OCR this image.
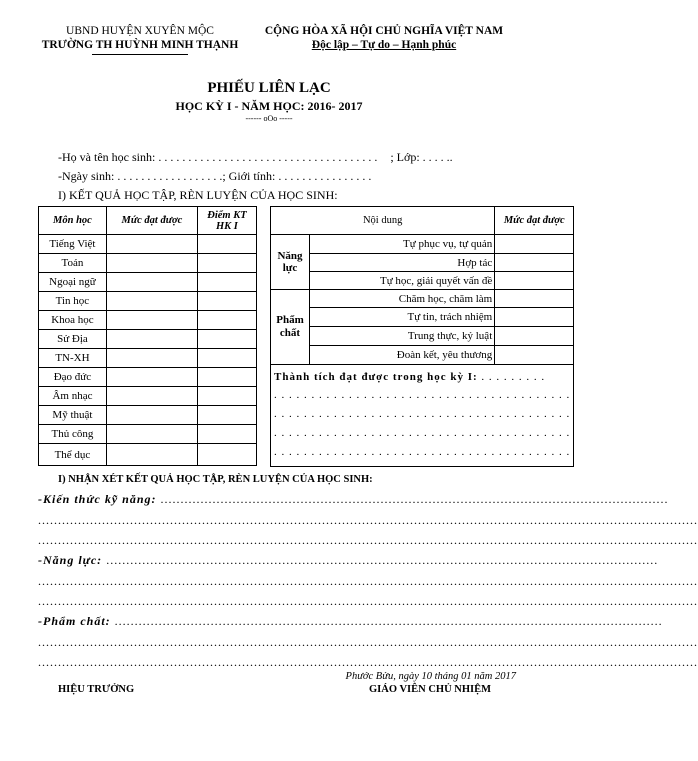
UBND HUYỆN XUYÊN MỘC
TRƯỜNG TH HUỲNH MINH THẠNH
CỘNG HÒA XÃ HỘI CHỦ NGHĨA VIỆT NAM
Độc lập – Tự do – Hạnh phúc
PHIẾU LIÊN LẠC
HỌC KỲ I - NĂM HỌC: 2016- 2017
------ oOo -----
-Họ và tên học sinh: . . . . . . . . . . . . . . . . . . . . . . . . . . . . . . . . . . . . . ; Lớp: . . . . ..
-Ngày sinh: . . . . . . . . . . . . . . . . . .; Giới tính: . . . . . . . . . . . . . . . .
I) KẾT QUẢ HỌC TẬP, RÈN LUYỆN CỦA HỌC SINH:
Môn học	Mức đạt được	Điểm KT HK I
Tiếng Việt		
Toán		
Ngoại ngữ		
Tin học		
Khoa học		
Sử Địa		
TN-XH		
Đạo đức		
Âm nhạc		
Mỹ thuật		
Thủ công		
Thể dục		
Nội dung		Mức đạt được
Năng lực	Tự phục vụ, tự quản	
	Hợp tác	
	Tự học, giải quyết vấn đề	
Phẩm chất	Chăm học, chăm làm	
	Tự tin, trách nhiệm	
	Trung thực, kỷ luật	
	Đoàn kết, yêu thương	

Thành tích đạt được trong học kỳ I: . . . . . . . . .
. . . . . . . . . . . . . . . . . . . . . . . . . . . . . . . . . . . . . . . .
. . . . . . . . . . . . . . . . . . . . . . . . . . . . . . . . . . . . . . . .
. . . . . . . . . . . . . . . . . . . . . . . . . . . . . . . . . . . . . . . .
. . . . . . . . . . . . . . . . . . . . . . . . . . . . . . . . . . . . . . . .		
I) NHẬN XÉT KẾT QUẢ HỌC TẬP, RÈN LUYỆN CỦA HỌC SINH:
-Kiến thức kỹ năng: ...............................................................................................................................
.....................................................................................................................................................................
.....................................................................................................................................................................
-Năng lực: ..........................................................................................................................................
.....................................................................................................................................................................
.....................................................................................................................................................................
-Phẩm chất: .........................................................................................................................................
.....................................................................................................................................................................
.....................................................................................................................................................................
Phước Bửu, ngày 10 tháng 01 năm 2017
HIỆU TRƯỞNG	GIÁO VIÊN CHỦ NHIỆM
